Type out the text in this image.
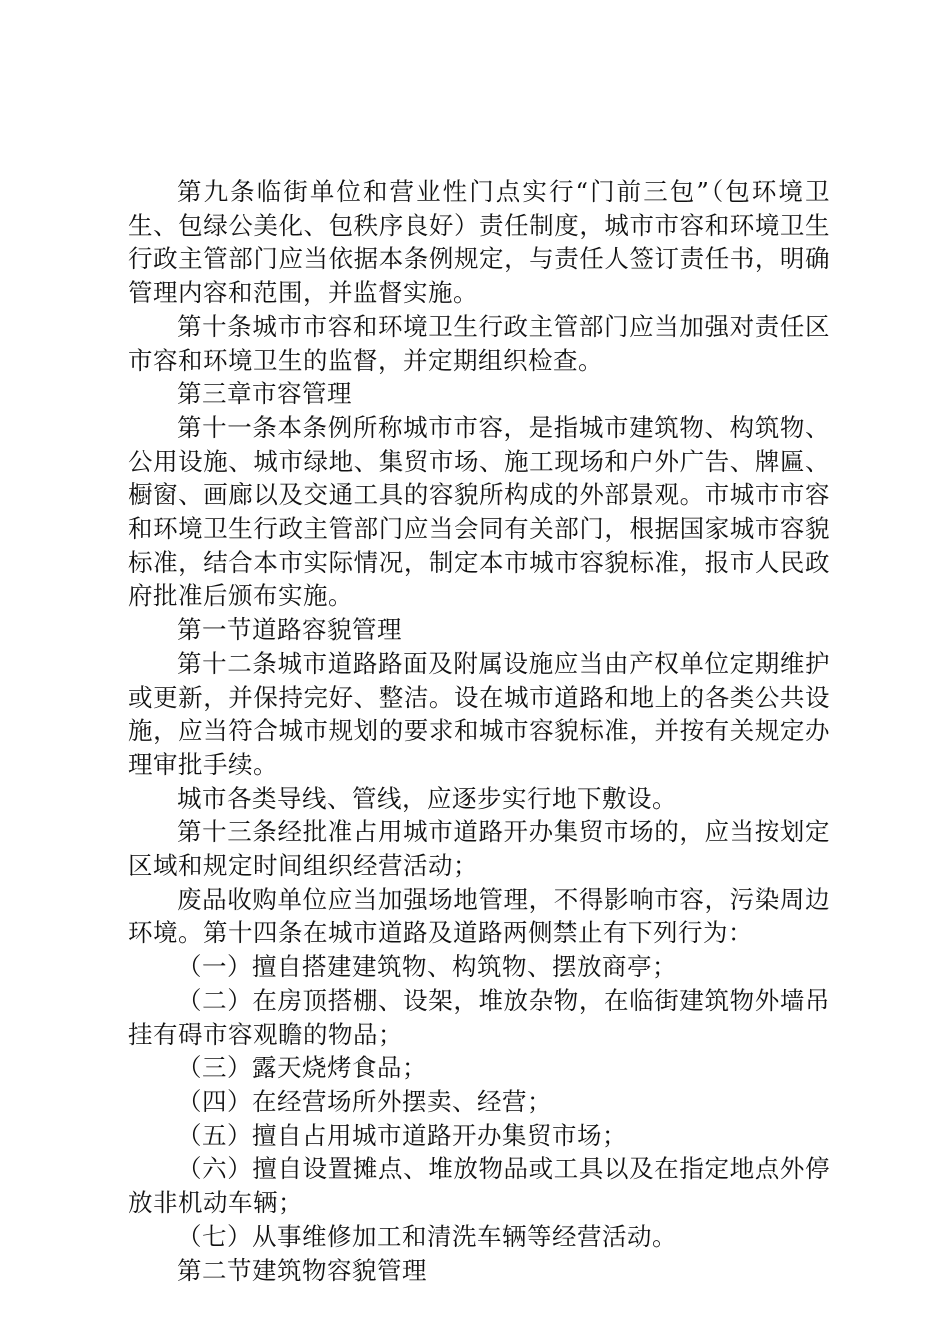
第九条临街单位和营业性门点实行“门前三包”（包环境卫生、包绿公美化、包秩序良好）责任制度，城市市容和环境卫生行政主管部门应当依据本条例规定，与责任人签订责任书，明确管理内容和范围，并监督实施。

第十条城市市容和环境卫生行政主管部门应当加强对责任区市容和环境卫生的监督，并定期组织检查。

第三章市容管理

第十一条本条例所称城市市容，是指城市建筑物、构筑物、公用设施、城市绿地、集贸市场、施工现场和户外广告、牌匾、橱窗、画廊以及交通工具的容貌所构成的外部景观。市城市市容和环境卫生行政主管部门应当会同有关部门，根据国家城市容貌标准，结合本市实际情况，制定本市城市容貌标准，报市人民政府批准后颁布实施。

第一节道路容貌管理

第十二条城市道路路面及附属设施应当由产权单位定期维护或更新，并保持完好、整洁。设在城市道路和地上的各类公共设施，应当符合城市规划的要求和城市容貌标准，并按有关规定办理审批手续。

城市各类导线、管线，应逐步实行地下敷设。

第十三条经批准占用城市道路开办集贸市场的，应当按划定区域和规定时间组织经营活动；

废品收购单位应当加强场地管理，不得影响市容，污染周边环境。第十四条在城市道路及道路两侧禁止有下列行为：

（一）擅自搭建建筑物、构筑物、摆放商亭；

（二）在房顶搭棚、设架，堆放杂物，在临街建筑物外墙吊挂有碍市容观瞻的物品；

（三）露天烧烤食品；

（四）在经营场所外摆卖、经营；

（五）擅自占用城市道路开办集贸市场；

（六）擅自设置摊点、堆放物品或工具以及在指定地点外停放非机动车辆；

（七）从事维修加工和清洗车辆等经营活动。

第二节建筑物容貌管理
